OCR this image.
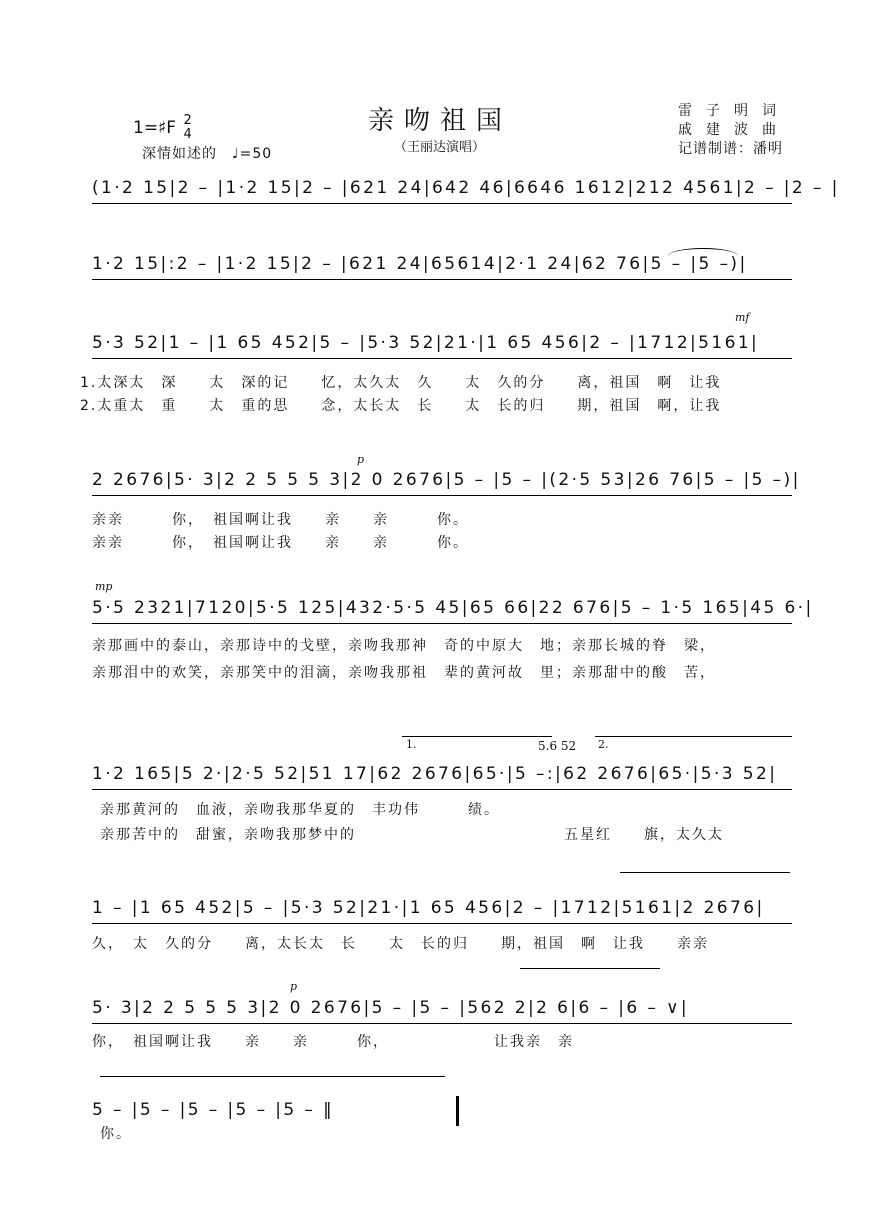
1=♯F 2
4	亲吻祖国
（王丽达演唱）
深情如述的　♩=50
雷子明词
戚建波曲
记谱制谱：潘明
(1·2 15|2 – |1·2 15|2 – |621 24|642 46|6646 1612|212 4561|2 – |2 – |
1·2 15|:2 – |1·2 15|2 – |621 24|65614|2·1 24|62 76|5 – |5 –)|
mf
5·3 52|1 – |1 65 452|5 – |5·3 52|21·|1 65 456|2 – |1712|5161|
1.太深太　深　　太　深的记　　忆，太久太　久　　太　久的分　　离，祖国　啊　让我
2.太重太　重　　太　重的思　　念，太长太　长　　太　长的归　　期，祖国　啊，让我
p
2 2676|5· 3|2 2 5 5 5 3|2 0 2676|5 – |5 – |(2·5 53|26 76|5 – |5 –)|
亲亲　　　你，　祖国啊让我　　亲　　亲　　　你。
亲亲　　　你，　祖国啊让我　　亲　　亲　　　你。
mp
5·5 2321|7120|5·5 125|432·5·5 45|65 66|22 676|5 – 1·5 165|45 6·|
亲那画中的泰山，亲那诗中的戈壁，亲吻我那神　奇的中原大　地；亲那长城的脊　梁，
亲那泪中的欢笑，亲那笑中的泪滴，亲吻我那祖　辈的黄河故　里；亲那甜中的酸　苦，
1.	5.6 52 2.
1·2 165|5 2·|2·5 52|51 17|62 2676|65·|5 –:|62 2676|65·|5·3 52|
亲那黄河的　血液，亲吻我那华夏的　丰功伟　　　绩。
亲那苦中的　甜蜜，亲吻我那梦中的　　　　　　　　　　　　　五星红　　旗，太久太
1 – |1 65 452|5 – |5·3 52|21·|1 65 456|2 – |1712|5161|2 2676|
久，　太　久的分　　离，太长太　长　　太　长的归　　期，祖国　啊　让我　　亲亲
p
5· 3|2 2 5 5 5 3|2 0 2676|5 – |5 – |562 2|2 6|6 – |6 – ∨|
你，　祖国啊让我　　亲　　亲　　　你，　　　　　　　让我亲　亲
5 – |5 – |5 – |5 – |5 – ‖
你。
